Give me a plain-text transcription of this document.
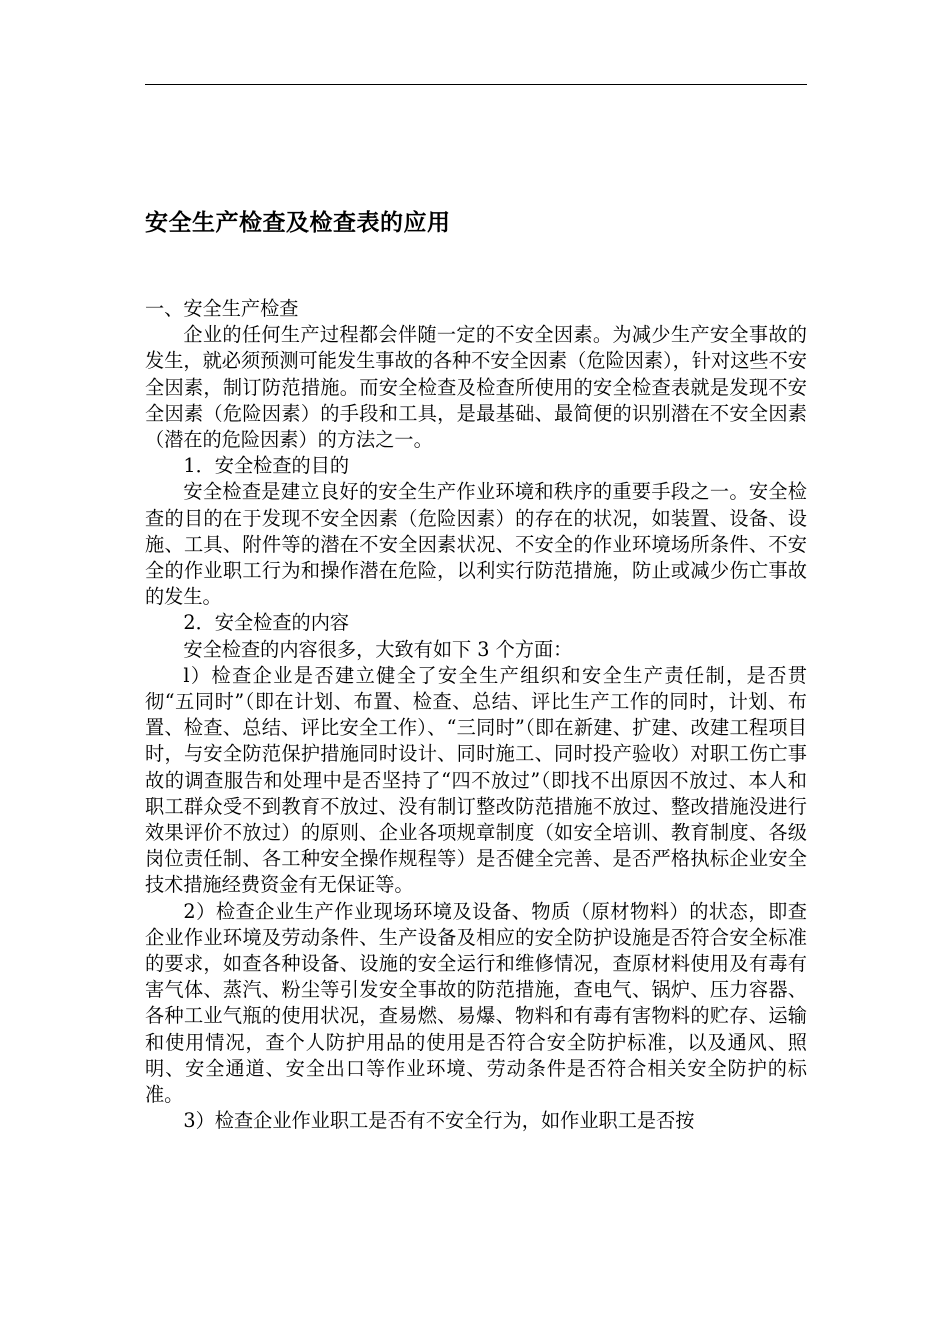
安全生产检查及检查表的应用

一、安全生产检查

企业的任何生产过程都会伴随一定的不安全因素。为减少生产安全事故的发生，就必须预测可能发生事故的各种不安全因素（危险因素），针对这些不安全因素，制订防范措施。而安全检查及检查所使用的安全检查表就是发现不安全因素（危险因素）的手段和工具，是最基础、最简便的识别潜在不安全因素（潜在的危险因素）的方法之一。

1．安全检查的目的

安全检查是建立良好的安全生产作业环境和秩序的重要手段之一。安全检查的目的在于发现不安全因素（危险因素）的存在的状况，如装置、设备、设施、工具、附件等的潜在不安全因素状况、不安全的作业环境场所条件、不安全的作业职工行为和操作潜在危险，以利实行防范措施，防止或减少伤亡事故的发生。

2．安全检查的内容

安全检查的内容很多，大致有如下 3 个方面：

l）检查企业是否建立健全了安全生产组织和安全生产责任制，是否贯彻“五同时”（即在计划、布置、检查、总结、评比生产工作的同时，计划、布置、检查、总结、评比安全工作）、“三同时”（即在新建、扩建、改建工程项目时，与安全防范保护措施同时设计、同时施工、同时投产验收）对职工伤亡事故的调查服告和处理中是否坚持了“四不放过”（即找不出原因不放过、本人和职工群众受不到教育不放过、没有制订整改防范措施不放过、整改措施没进行效果评价不放过）的原则、企业各项规章制度（如安全培训、教育制度、各级岗位责任制、各工种安全操作规程等）是否健全完善、是否严格执标企业安全技术措施经费资金有无保证等。

2）检查企业生产作业现场环境及设备、物质（原材物料）的状态，即查企业作业环境及劳动条件、生产设备及相应的安全防护设施是否符合安全标准的要求，如查各种设备、设施的安全运行和维修情况，查原材料使用及有毒有害气体、蒸汽、粉尘等引发安全事故的防范措施，查电气、锅炉、压力容器、各种工业气瓶的使用状况，查易燃、易爆、物料和有毒有害物料的贮存、运输和使用情况，查个人防护用品的使用是否符合安全防护标准，以及通风、照明、安全通道、安全出口等作业环境、劳动条件是否符合相关安全防护的标准。

3）检查企业作业职工是否有不安全行为，如作业职工是否按
